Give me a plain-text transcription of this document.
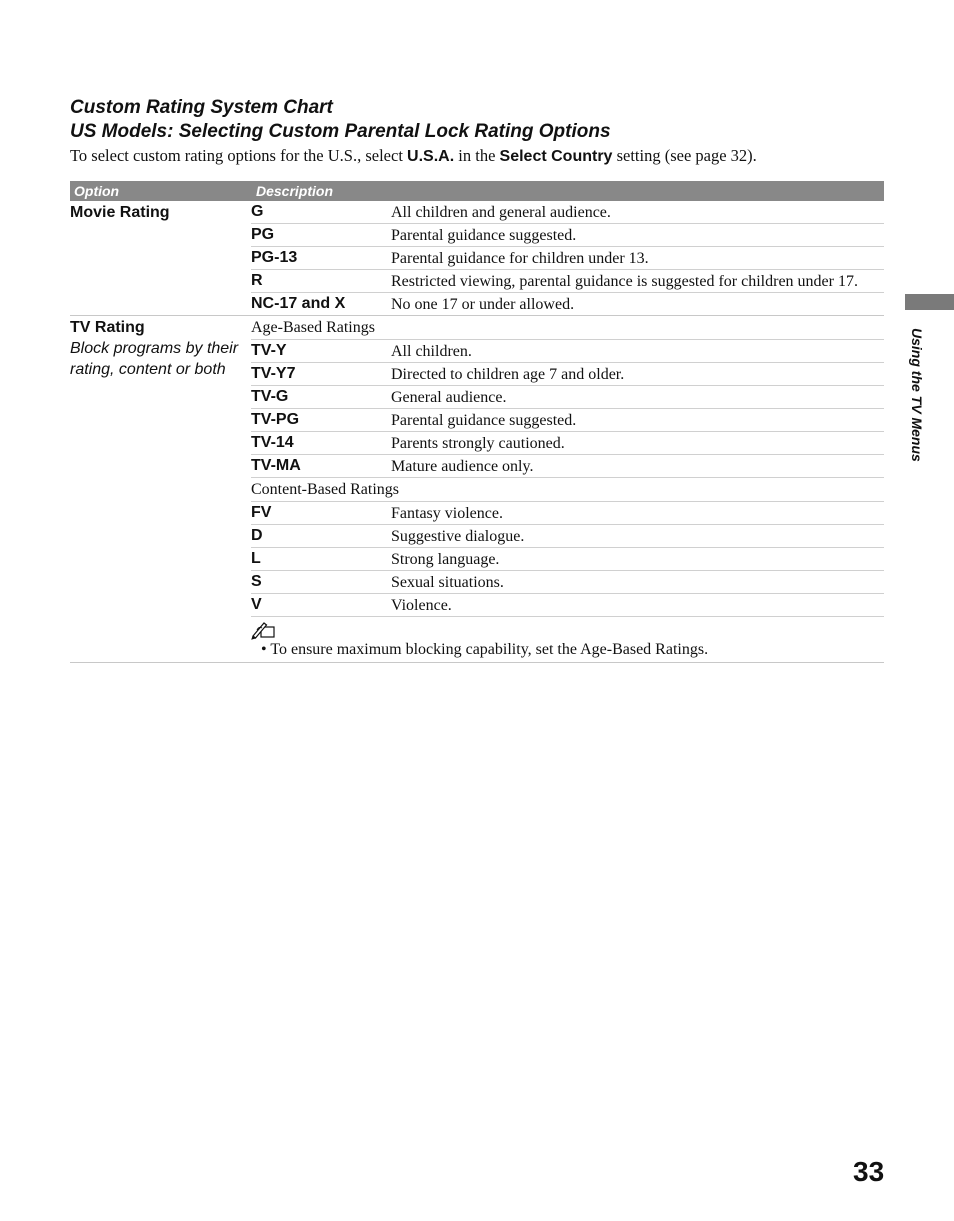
Custom Rating System Chart
US Models: Selecting Custom Parental Lock Rating Options
To select custom rating options for the U.S., select U.S.A. in the Select Country setting (see page 32).
Option	Description
Movie Rating	G	All children and general audience.
PG	Parental guidance suggested.
PG-13	Parental guidance for children under 13.
R	Restricted viewing, parental guidance is suggested for children under 17.
NC-17 and X	No one 17 or under allowed.
TV Rating
Block programs by their rating, content or both
Age-Based Ratings
TV-Y	All children.
TV-Y7	Directed to children age 7 and older.
TV-G	General audience.
TV-PG	Parental guidance suggested.
TV-14	Parents strongly cautioned.
TV-MA	Mature audience only.
Content-Based Ratings
FV	Fantasy violence.
D	Suggestive dialogue.
L	Strong language.
S	Sexual situations.
V	Violence.
• To ensure maximum blocking capability, set the Age-Based Ratings.
Using the TV Menus
33
